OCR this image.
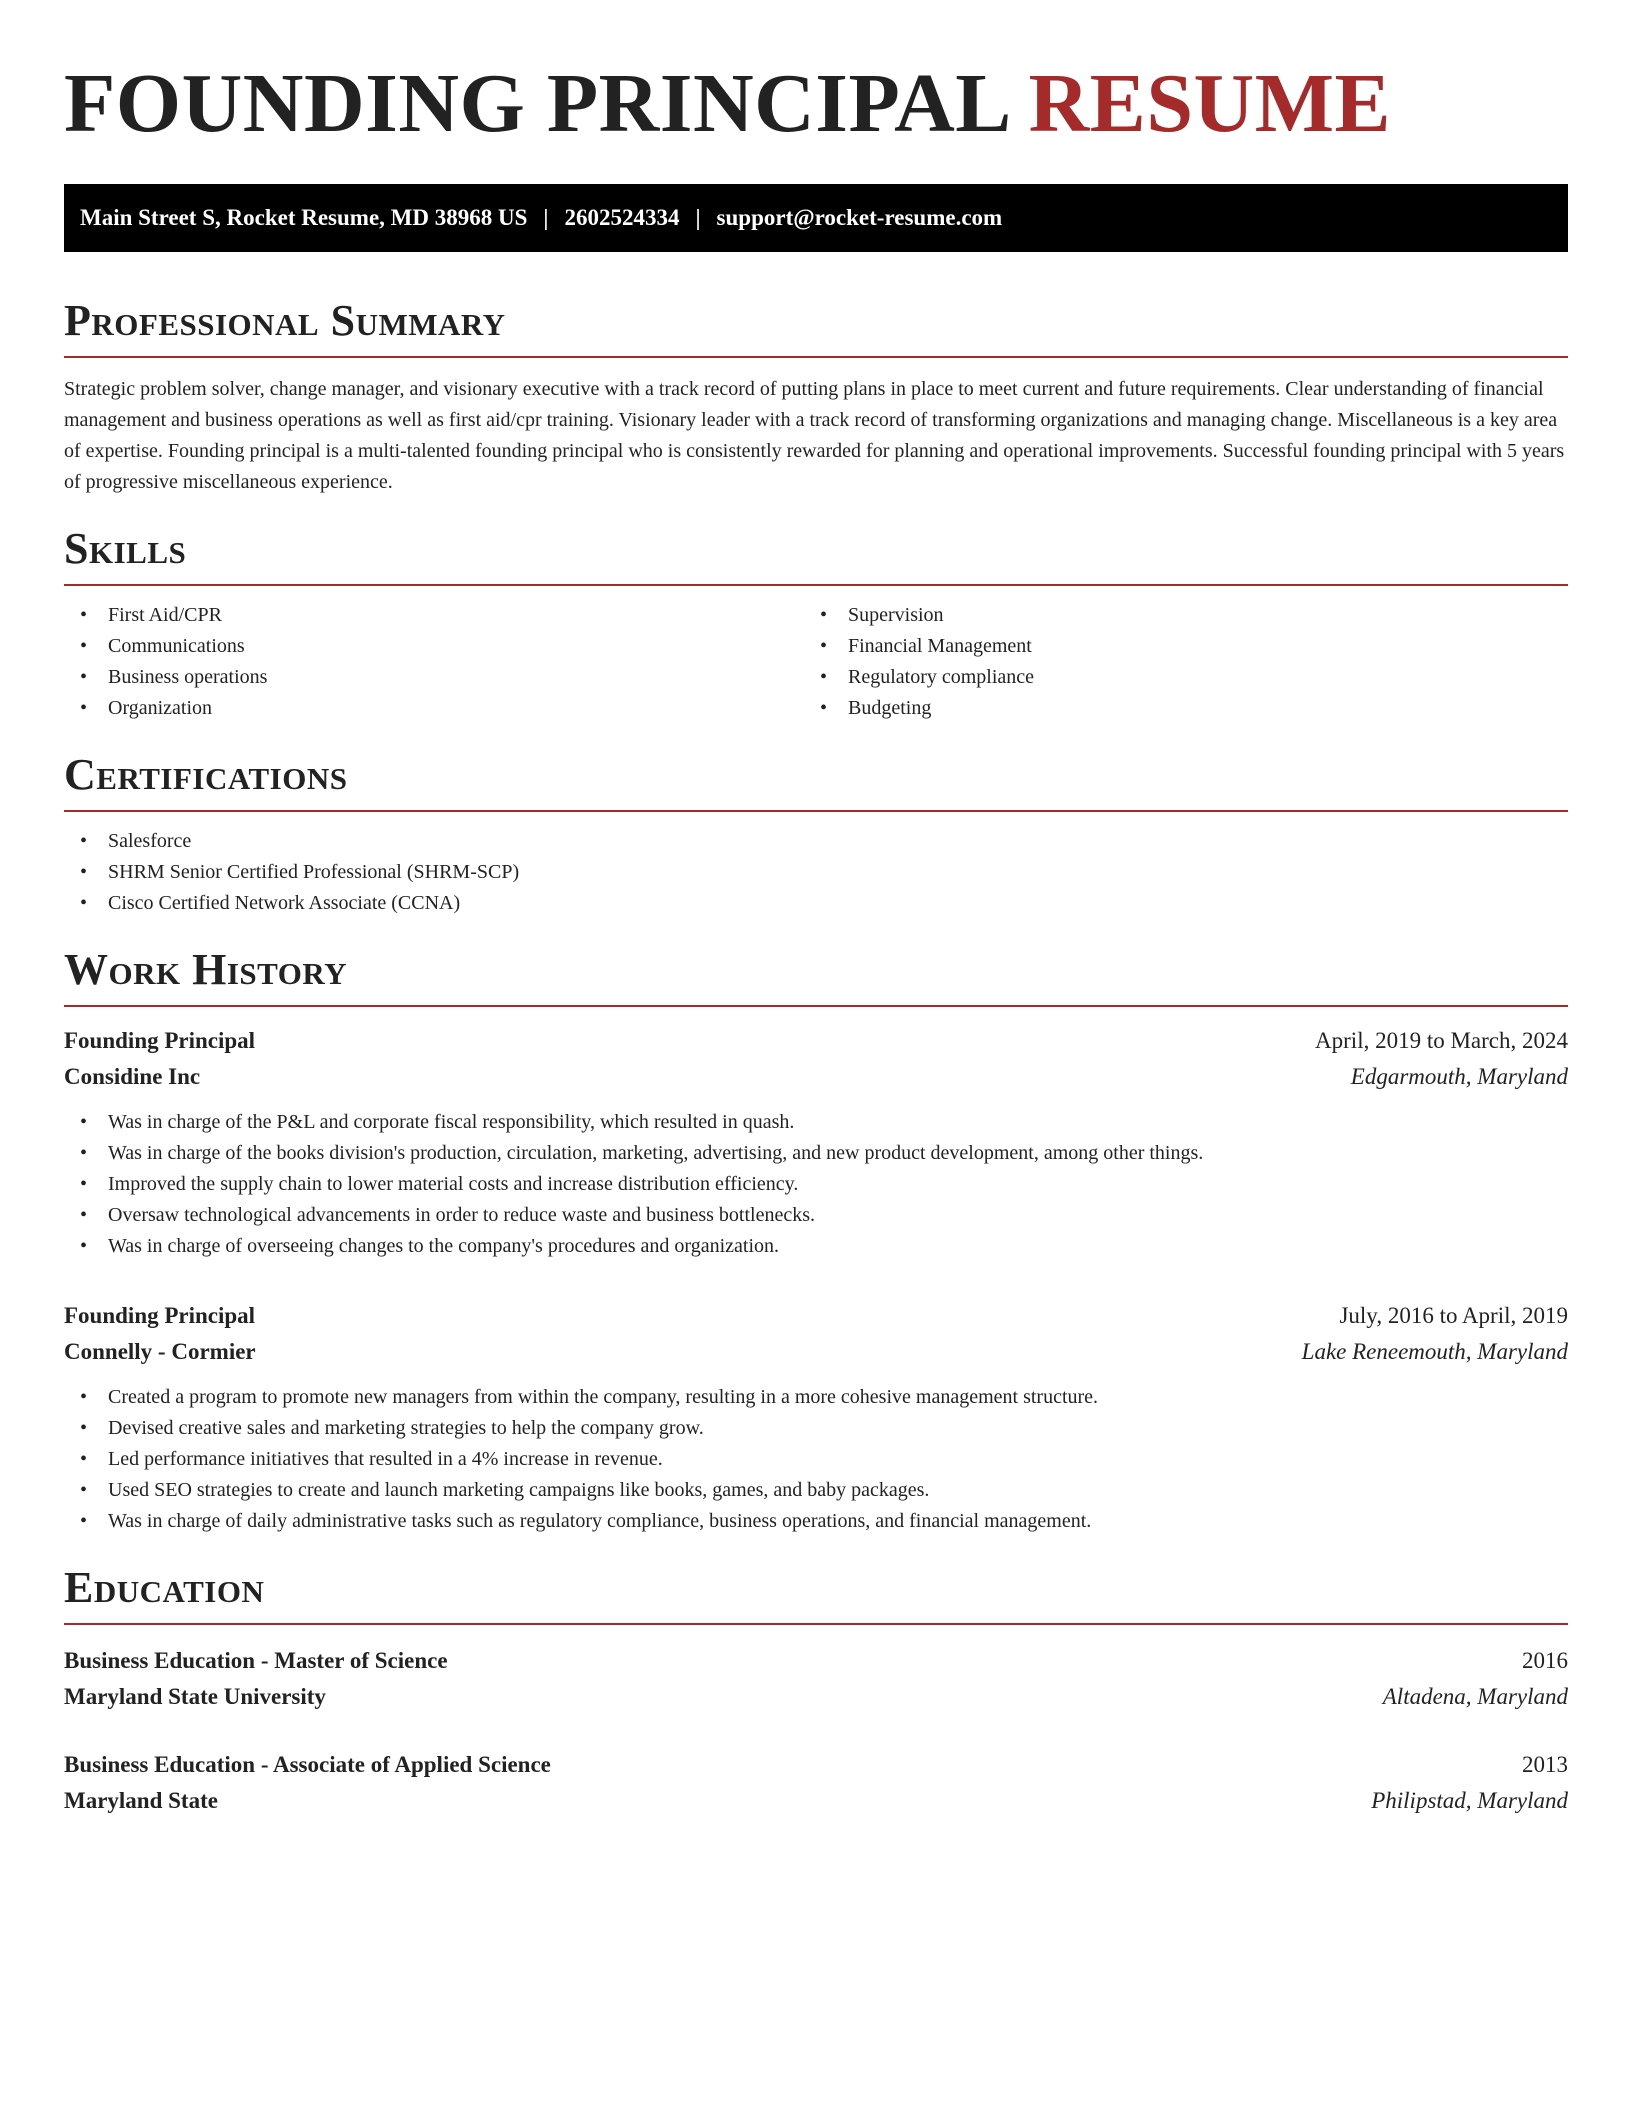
FOUNDING PRINCIPAL RESUME
Main Street S, Rocket Resume, MD 38968 US | 2602524334 | support@rocket-resume.com
Professional Summary

Strategic problem solver, change manager, and visionary executive with a track record of putting plans in place to meet current and future requirements. Clear understanding of financial management and business operations as well as first aid/cpr training. Visionary leader with a track record of transforming organizations and managing change. Miscellaneous is a key area of expertise. Founding principal is a multi-talented founding principal who is consistently rewarded for planning and operational improvements. Successful founding principal with 5 years of progressive miscellaneous experience.

Skills
• First Aid/CPR
• Communications
• Business operations
• Organization
• Supervision
• Financial Management
• Regulatory compliance
• Budgeting
Certifications
• Salesforce
• SHRM Senior Certified Professional (SHRM-SCP)
• Cisco Certified Network Associate (CCNA)
Work History
Founding Principal	April, 2019 to March, 2024
Considine Inc	Edgarmouth, Maryland
• Was in charge of the P&L and corporate fiscal responsibility, which resulted in quash.
• Was in charge of the books division's production, circulation, marketing, advertising, and new product development, among other things.
• Improved the supply chain to lower material costs and increase distribution efficiency.
• Oversaw technological advancements in order to reduce waste and business bottlenecks.
• Was in charge of overseeing changes to the company's procedures and organization.
Founding Principal	July, 2016 to April, 2019
Connelly - Cormier	Lake Reneemouth, Maryland
• Created a program to promote new managers from within the company, resulting in a more cohesive management structure.
• Devised creative sales and marketing strategies to help the company grow.
• Led performance initiatives that resulted in a 4% increase in revenue.
• Used SEO strategies to create and launch marketing campaigns like books, games, and baby packages.
• Was in charge of daily administrative tasks such as regulatory compliance, business operations, and financial management.
Education
Business Education - Master of Science	2016
Maryland State University	Altadena, Maryland
Business Education - Associate of Applied Science	2013
Maryland State	Philipstad, Maryland
